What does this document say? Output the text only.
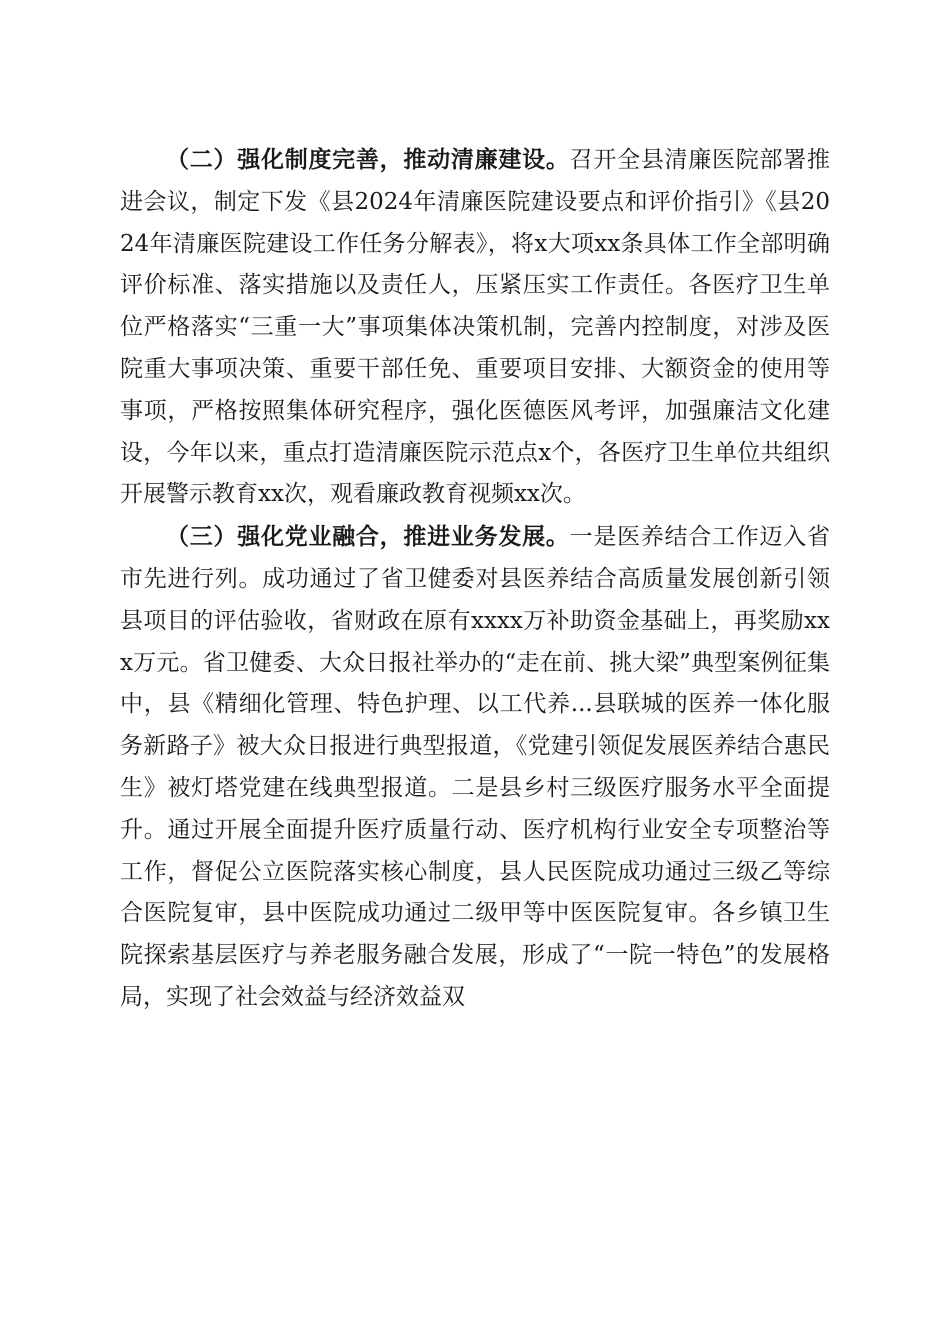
（二）强化制度完善，推动清廉建设。召开全县清廉医院部署推进会议，制定下发《县2024年清廉医院建设要点和评价指引》《县2024年清廉医院建设工作任务分解表》，将x大项xx条具体工作全部明确评价标准、落实措施以及责任人，压紧压实工作责任。各医疗卫生单位严格落实“三重一大”事项集体决策机制，完善内控制度，对涉及医院重大事项决策、重要干部任免、重要项目安排、大额资金的使用等事项，严格按照集体研究程序，强化医德医风考评，加强廉洁文化建设，今年以来，重点打造清廉医院示范点x个，各医疗卫生单位共组织开展警示教育xx次，观看廉政教育视频xx次。

（三）强化党业融合，推进业务发展。一是医养结合工作迈入省市先进行列。成功通过了省卫健委对县医养结合高质量发展创新引领县项目的评估验收，省财政在原有xxxx万补助资金基础上，再奖励xxx万元。省卫健委、大众日报社举办的“走在前、挑大梁”典型案例征集中，县《精细化管理、特色护理、以工代养...县联城的医养一体化服务新路子》被大众日报进行典型报道，《党建引领促发展医养结合惠民生》被灯塔党建在线典型报道。二是县乡村三级医疗服务水平全面提升。通过开展全面提升医疗质量行动、医疗机构行业安全专项整治等工作，督促公立医院落实核心制度，县人民医院成功通过三级乙等综合医院复审，县中医院成功通过二级甲等中医医院复审。各乡镇卫生院探索基层医疗与养老服务融合发展，形成了“一院一特色”的发展格局，实现了社会效益与经济效益双
